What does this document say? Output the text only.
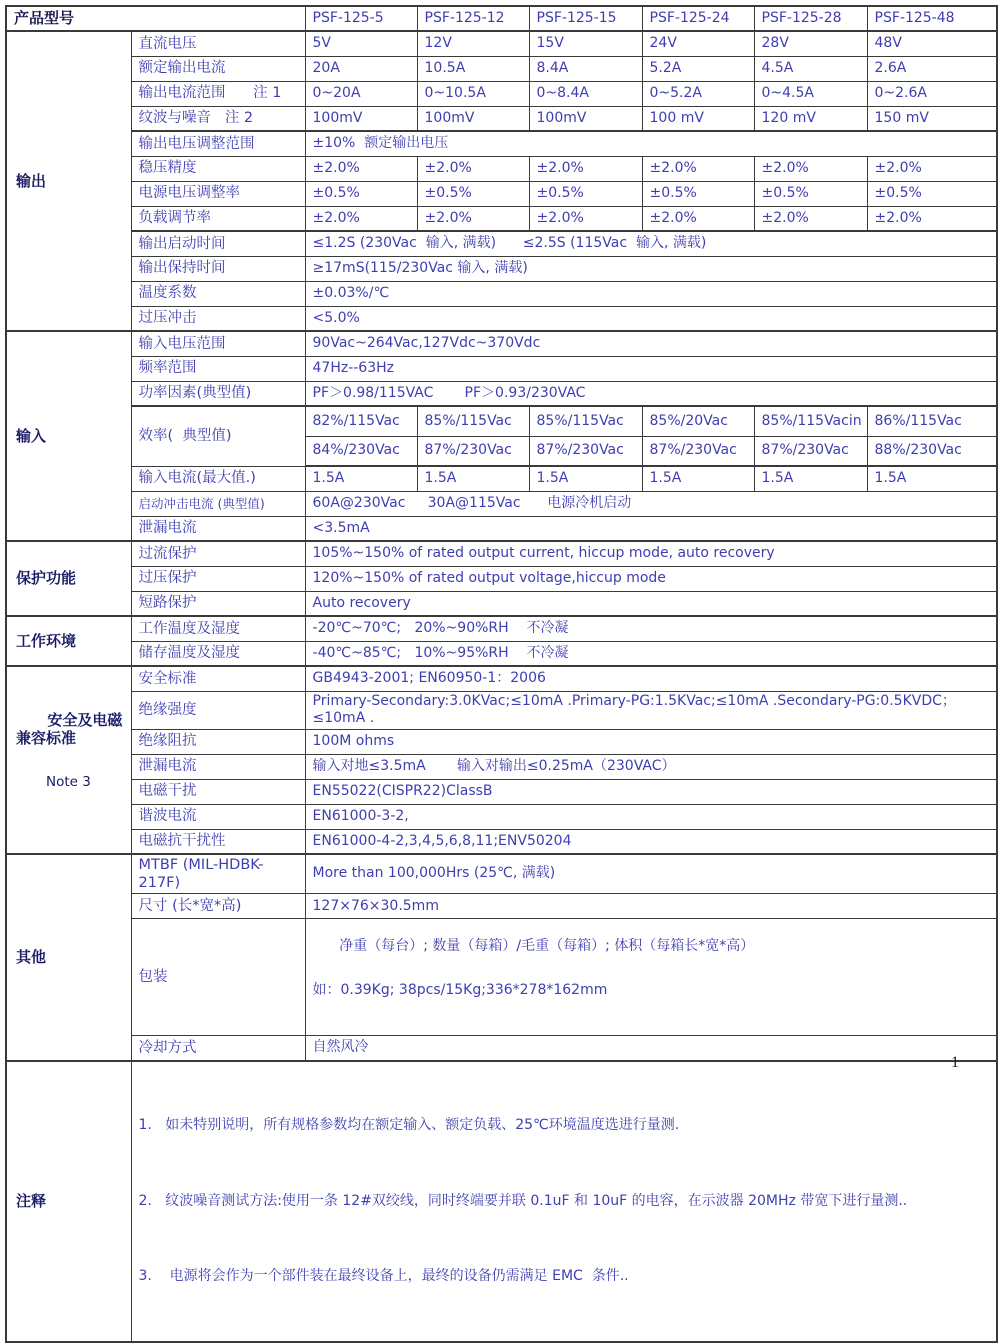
产品型号		PSF-125-5	PSF-125-12	PSF-125-15	PSF-125-24	PSF-125-28	PSF-125-48
输出	直流电压	5V	12V	15V	24V	28V	48V
	额定输出电流	20A	10.5A	8.4A	5.2A	4.5A	2.6A
	输出电流范围      注 1	0~20A	0~10.5A	0~8.4A	0~5.2A	0~4.5A	0~2.6A
	纹波与噪音   注 2	100mV	100mV	100mV	100 mV	120 mV	150 mV
	输出电压调整范围	±10%  额定输出电压					
	稳压精度	±2.0%	±2.0%	±2.0%	±2.0%	±2.0%	±2.0%
	电源电压调整率	±0.5%	±0.5%	±0.5%	±0.5%	±0.5%	±0.5%
	负载调节率	±2.0%	±2.0%	±2.0%	±2.0%	±2.0%	±2.0%
	输出启动时间	≤1.2S (230Vac  输入, 满载)      ≤2.5S (115Vac  输入, 满载)					
	输出保持时间	≥17mS(115/230Vac 输入, 满载)					
	温度系数	±0.03%/℃					
	过压冲击	<5.0%					
输入	输入电压范围	90Vac~264Vac,127Vdc~370Vdc					
	频率范围	47Hz--63Hz					
	功率因素(典型值)	PF＞0.98/115VAC       PF＞0.93/230VAC					
	效率(  典型值)	82%/115Vac	85%/115Vac	85%/115Vac	85%/20Vac	85%/115Vacin	86%/115Vac
		84%/230Vac	87%/230Vac	87%/230Vac	87%/230Vac	87%/230Vac	88%/230Vac
	输入电流(最大值.)	1.5A	1.5A	1.5A	1.5A	1.5A	1.5A
	启动冲击电流 (典型值)	60A@230Vac     30A@115Vac      电源冷机启动					
	泄漏电流	<3.5mA					
保护功能	过流保护	105%~150% of rated output current, hiccup mode, auto recovery					
	过压保护	120%~150% of rated output voltage,hiccup mode					
	短路保护	Auto recovery					
工作环境	工作温度及湿度	-20℃~70℃;   20%~90%RH    不冷凝					
	储存温度及湿度	-40℃~85℃;   10%~95%RH    不冷凝					

安全及电磁兼容标准

Note 3	安全标准	GB4943-2001; EN60950-1：2006					
	绝缘强度	Primary-Secondary:3.0KVac;≤10mA .Primary-PG:1.5KVac;≤10mA .Secondary-PG:0.5KVDC；≤10mA .					
	绝缘阻抗	100M ohms					
	泄漏电流	输入对地≤3.5mA       输入对输出≤0.25mA（230VAC）					
	电磁干扰	EN55022(CISPR22)ClassB					
	谐波电流	EN61000-3-2,					
	电磁抗干扰性	EN61000-4-2,3,4,5,6,8,11;ENV50204					
其他	MTBF (MIL-HDBK-217F)	More than 100,000Hrs (25℃, 满载)					
	尺寸 (长*宽*高)	127×76×30.5mm					
	包装	净重（每台）; 数量（每箱）/毛重（每箱）; 体积（每箱长*宽*高）

如：0.39Kg; 38pcs/15Kg;336*278*162mm					

	冷却方式	自然风冷					
注释	1.   如未特别说明，所有规格参数均在额定输入、额定负载、25℃环境温度选进行量测.

2.   纹波噪音测试方法:使用一条 12#双绞线，同时终端要并联 0.1uF 和 10uF 的电容，在示波器 20MHz 带宽下进行量测..

3.    电源将会作为一个部件装在最终设备上，最终的设备仍需满足 EMC  条件..						

1
